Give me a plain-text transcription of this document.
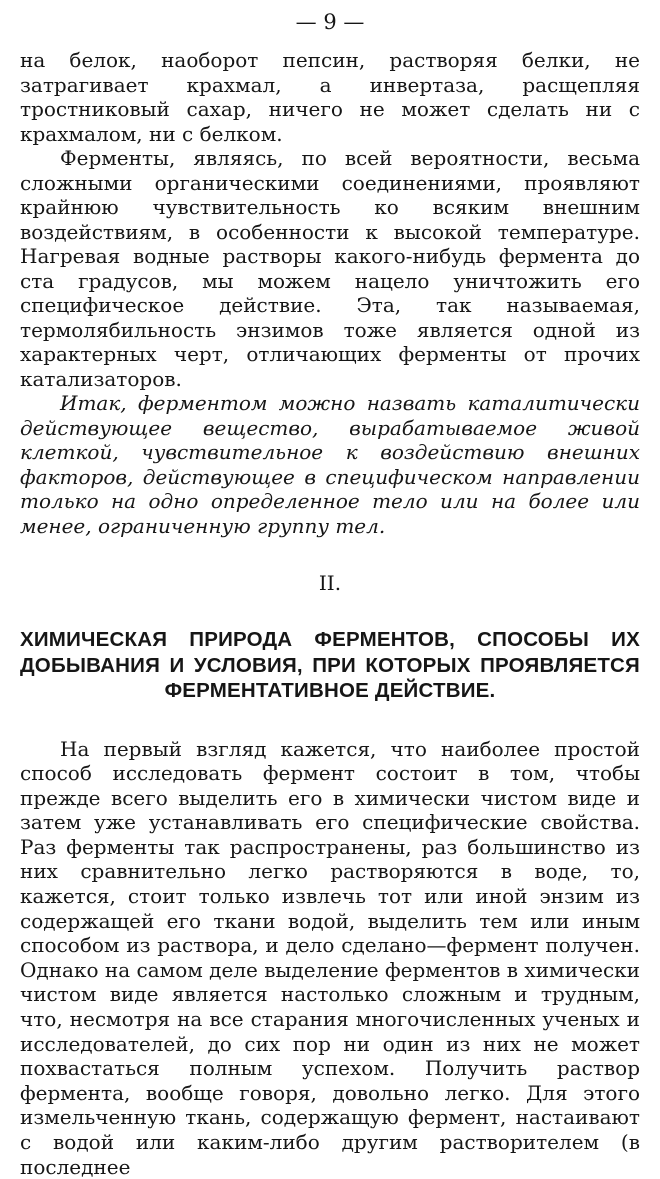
— 9 —

на белок, наоборот пепсин, растворяя белки, не затрагивает крахмал, а инвертаза, расщепляя тростниковый сахар, ничего не может сделать ни с крахмалом, ни с белком.

Ферменты, являясь, по всей вероятности, весьма сложными органическими соединениями, проявляют крайнюю чувствительность ко всяким внешним воздействиям, в особенности к высокой температуре. Нагревая водные растворы какого-нибудь фермента до ста градусов, мы можем нацело уничтожить его специфическое действие. Эта, так называемая, термолябильность энзимов тоже является одной из характерных черт, отличающих ферменты от прочих катализаторов.

Итак, ферментом можно назвать каталитически действующее вещество, вырабатываемое живой клеткой, чувствительное к воздействию внешних факторов, действующее в специфическом направлении только на одно определенное тело или на более или менее, ограниченную группу тел.

II.
ХИМИЧЕСКАЯ ПРИРОДА ФЕРМЕНТОВ, СПОСОБЫ ИХ ДОБЫВАНИЯ И УСЛОВИЯ, ПРИ КОТОРЫХ ПРОЯВЛЯЕТСЯ ФЕРМЕНТАТИВНОЕ ДЕЙСТВИЕ.

На первый взгляд кажется, что наиболее простой способ исследовать фермент состоит в том, чтобы прежде всего выделить его в химически чистом виде и затем уже устанавливать его специфические свойства. Раз ферменты так распространены, раз большинство из них сравнительно легко растворяются в воде, то, кажется, стоит только извлечь тот или иной энзим из содержащей его ткани водой, выделить тем или иным способом из раствора, и дело сделано—фермент получен. Однако на самом деле выделение ферментов в химически чистом виде является настолько сложным и трудным, что, несмотря на все старания многочисленных ученых и исследователей, до сих пор ни один из них не может похвастаться полным успехом. Получить раствор фермента, вообще говоря, довольно легко. Для этого измельченную ткань, содержащую фермент, настаивают с водой или каким-либо другим растворителем (в последнее
